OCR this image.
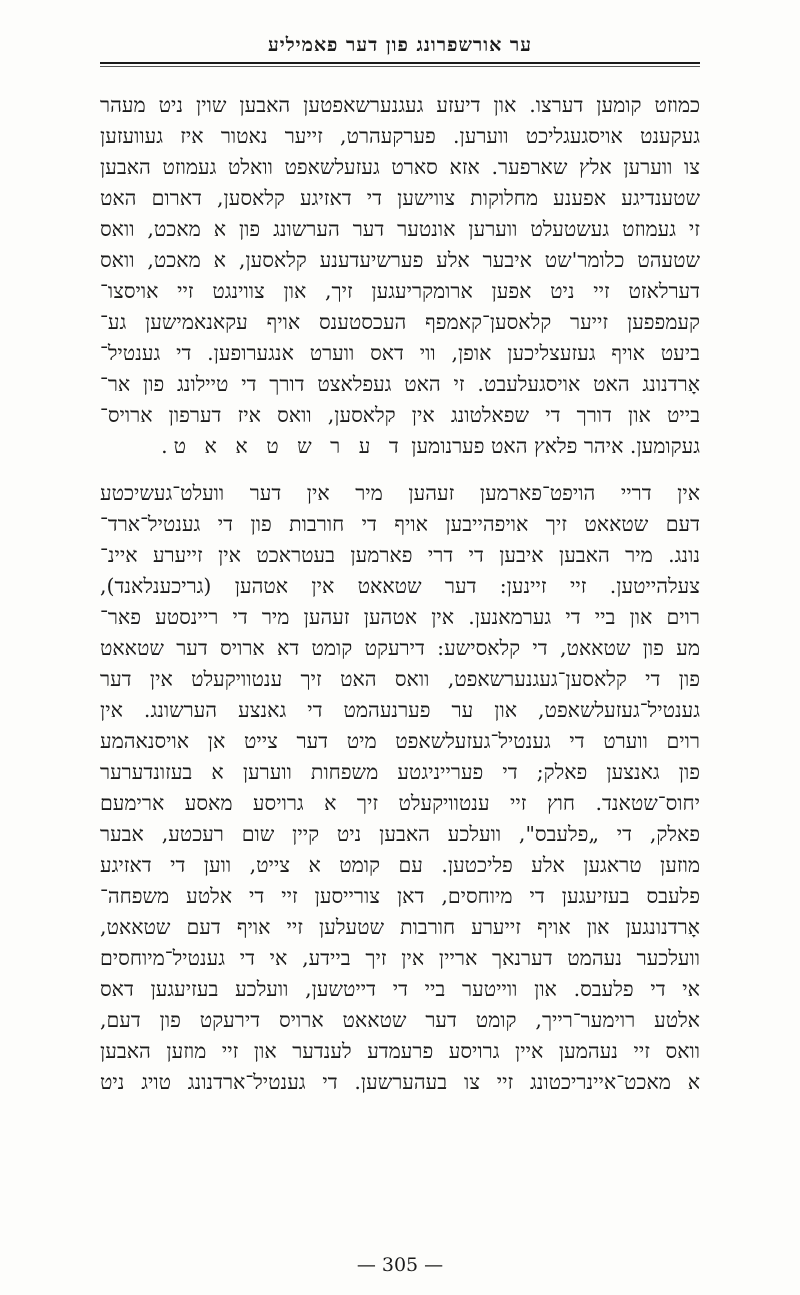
ער אורשפרונג פון דער פאמיליע
כמוזט קומען דערצו. און דיעזע געגנערשאפטען האבען שוין ניט מעהר
געקענט אויסגעגליכט ווערען. פערקעהרט, זייער נאטור איז געוועזען
צו ווערען אלץ שארפער. אזא סארט געזעלשאפט וואלט געמוזט האבען
שטענדיגע אפענע מחלוקות צווישען די דאזיגע קלאסען, דארום האט
זי געמוזט געשטעלט ווערען אונטער דער הערשונג פון א מאכט, וואס
שטעהט כלומר'שט איבער אלע פערשיעדענע קלאסען, א מאכט, וואס
דערלאזט זיי ניט אפען ארומקריעגען זיך, און צווינגט זיי אויסצו־
קעמפפען זייער קלאסען־קאמפף העכסטענס אויף עקאנאמישען גע־
ביעט אויף געזעצליכען אופן, ווי דאס ווערט אנגערופען. די גענטיל־
אָרדנונג האט אויסגעלעבט. זי האט געפלאצט דורך די טיילונג פון אר־
בייט און דורך די שפאלטונג אין קלאסען, וואס איז דערפון ארויס־
געקומען. איהר פלאץ האט פערנומען ד ע ר ש ט א א ט.
אין דריי הויפט־פארמען זעהען מיר אין דער וועלט־געשיכטע
דעם שטאאט זיך אויפהייבען אויף די חורבות פון די גענטיל־ארד־
נונג. מיר האבען איבען די דרי פארמען בעטראכט אין זייערע איינ־
צעלהייטען. זיי זיינען: דער שטאאט אין אטהען (גריכענלאנד),
רוים און ביי די גערמאנען. אין אטהען זעהען מיר די ריינסטע פאר־
מע פון שטאאט, די קלאסישע: דירעקט קומט דא ארויס דער שטאאט
פון די קלאסען־געגנערשאפט, וואס האט זיך ענטוויקעלט אין דער
גענטיל־געזעלשאפט, און ער פערנעהמט די גאנצע הערשונג. אין
רוים ווערט די גענטיל־געזעלשאפט מיט דער צייט אן אויסנאהמע
פון גאנצען פאלק; די פערייניגטע משפחות ווערען א בעזונדערער
יחוס־שטאנד. חוץ זיי ענטוויקעלט זיך א גרויסע מאסע ארימעם
פאלק, די „פלעבס", וועלכע האבען ניט קיין שום רעכטע, אבער
מוזען טראגען אלע פליכטען. עם קומט א צייט, ווען די דאזיגע
פלעבס בעזיעגען די מיוחסים, דאן צורייסען זיי די אלטע משפחה־
אָרדנונגען און אויף זייערע חורבות שטעלען זיי אויף דעם שטאאט,
וועלכער נעהמט דערנאך אריין אין זיך ביידע, אי די גענטיל־מיוחסים
אי די פלעבס. און ווייטער ביי די דייטשען, וועלכע בעזיעגען דאס
אלטע רוימער־רייך, קומט דער שטאאט ארויס דירעקט פון דעם,
וואס זיי נעהמען איין גרויסע פרעמדע לענדער און זיי מוזען האבען
א מאכט־איינריכטונג זיי צו בעהערשען. די גענטיל־ארדנונג טויג ניט
— 305 —
